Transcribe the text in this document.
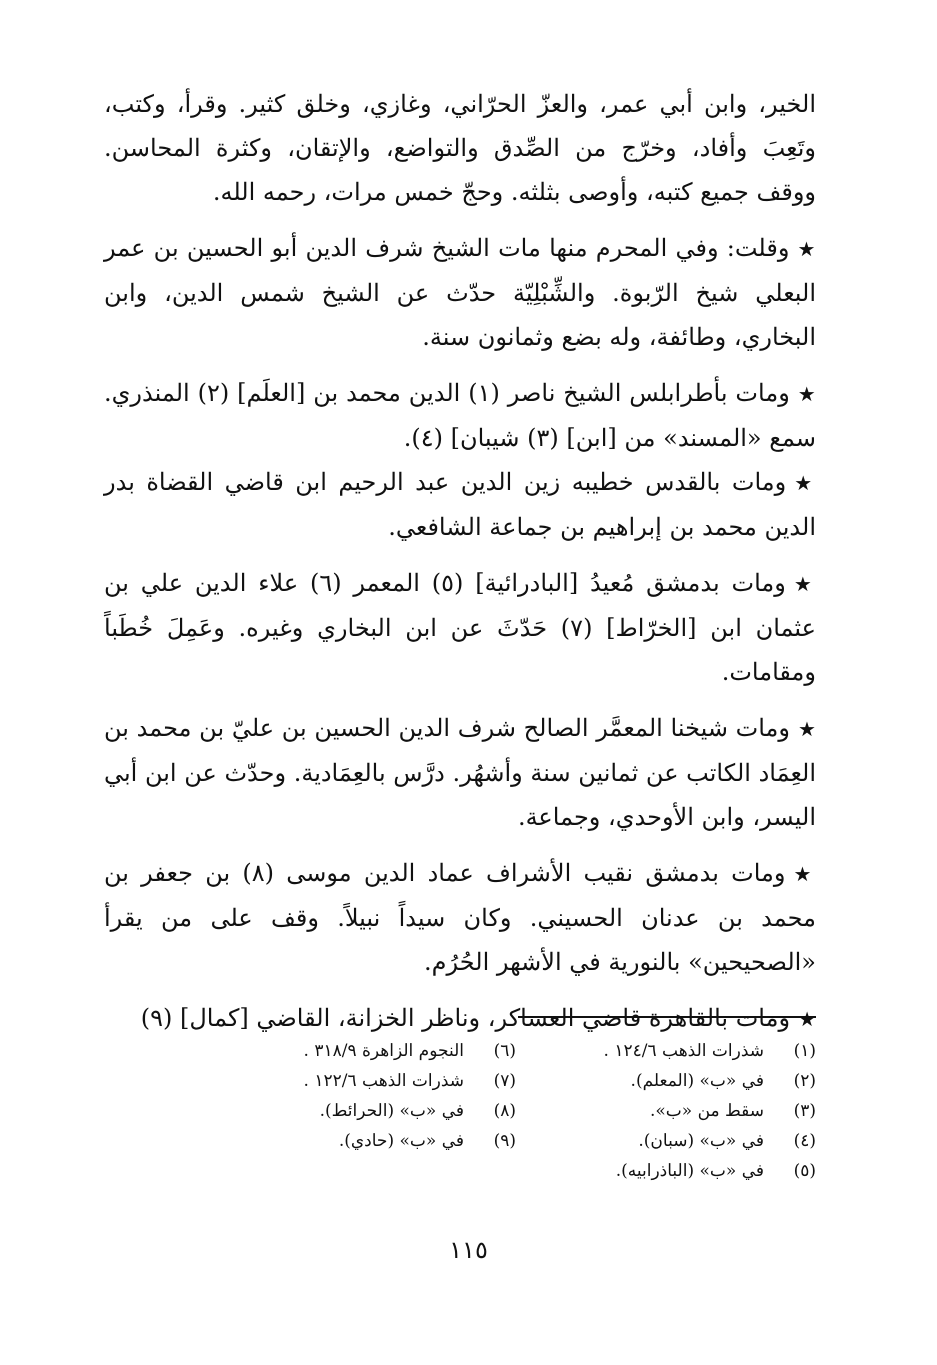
الخير، وابن أبي عمر، والعزّ الحرّاني، وغازي، وخلق كثير. وقرأ، وكتب، وتَعِبَ وأفاد، وخرّج من الصِّدق والتواضع، والإتقان، وكثرة المحاسن. ووقف جميع كتبه، وأوصى بثلثه. وحجّ خمس مرات، رحمه الله.

★وقلت: وفي المحرم منها مات الشيخ شرف الدين أبو الحسين بن عمر البعلي شيخ الرّبوة. والشِّبْلِيّة حدّث عن الشيخ شمس الدين، وابن البخاري، وطائفة، وله بضع وثمانون سنة.

★ومات بأطرابلس الشيخ ناصر (١) الدين محمد بن [العلَم] (٢) المنذري. سمع «المسند» من [ابن] (٣) شيبان] (٤).

★ومات بالقدس خطيبه زين الدين عبد الرحيم ابن قاضي القضاة بدر الدين محمد بن إبراهيم بن جماعة الشافعي.

★ومات بدمشق مُعيدُ [البادرائية] (٥) المعمر (٦) علاء الدين علي بن عثمان ابن [الخرّاط] (٧) حَدّثَ عن ابن البخاري وغيره. وعَمِلَ خُطَباً ومقامات.

★ومات شيخنا المعمَّر الصالح شرف الدين الحسين بن عليّ بن محمد بن العِمَاد الكاتب عن ثمانين سنة وأشهُر. درَّس بالعِمَادية. وحدّث عن ابن أبي اليسر، وابن الأوحدي، وجماعة.

★ومات بدمشق نقيب الأشراف عماد الدين موسى (٨) بن جعفر بن محمد بن عدنان الحسيني. وكان سيداً نبيلاً. وقف على من يقرأ «الصحيحين» بالنورية في الأشهر الحُرُم.

★ومات بالقاهرة قاضي العساكر، وناظر الخزانة، القاضي [كمال] (٩)

(١)شذرات الذهب ١٢٤/٦ .
(٢)في «ب» (المعلم).
(٣)سقط من «ب».
(٤)في «ب» (سبان).
(٥)في «ب» (الباذرابيه).
(٦)النجوم الزاهرة ٣١٨/٩ .
(٧)شذرات الذهب ١٢٢/٦ .
(٨)في «ب» (الحرائط).
(٩)في «ب» (حادي).
١١٥
